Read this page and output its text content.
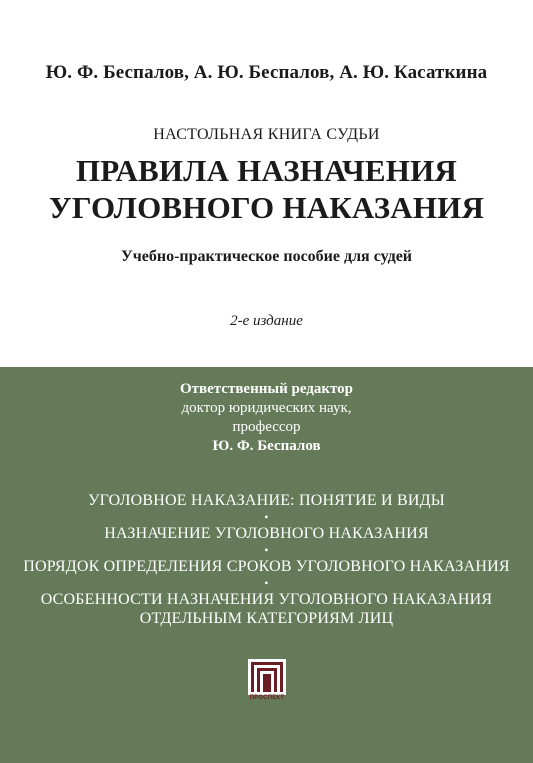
Ю. Ф. Беспалов, А. Ю. Беспалов, А. Ю. Касаткина
НАСТОЛЬНАЯ КНИГА СУДЬИ
ПРАВИЛА НАЗНАЧЕНИЯ
УГОЛОВНОГО НАКАЗАНИЯ
Учебно-практическое пособие для судей
2-е издание
Ответственный редактор
доктор юридических наук,
профессор
Ю. Ф. Беспалов
УГОЛОВНОЕ НАКАЗАНИЕ: ПОНЯТИЕ И ВИДЫ
•
НАЗНАЧЕНИЕ УГОЛОВНОГО НАКАЗАНИЯ
•
ПОРЯДОК ОПРЕДЕЛЕНИЯ СРОКОВ УГОЛОВНОГО НАКАЗАНИЯ
•
ОСОБЕННОСТИ НАЗНАЧЕНИЯ УГОЛОВНОГО НАКАЗАНИЯ
ОТДЕЛЬНЫМ КАТЕГОРИЯМ ЛИЦ
ПРОСПЕКТ
